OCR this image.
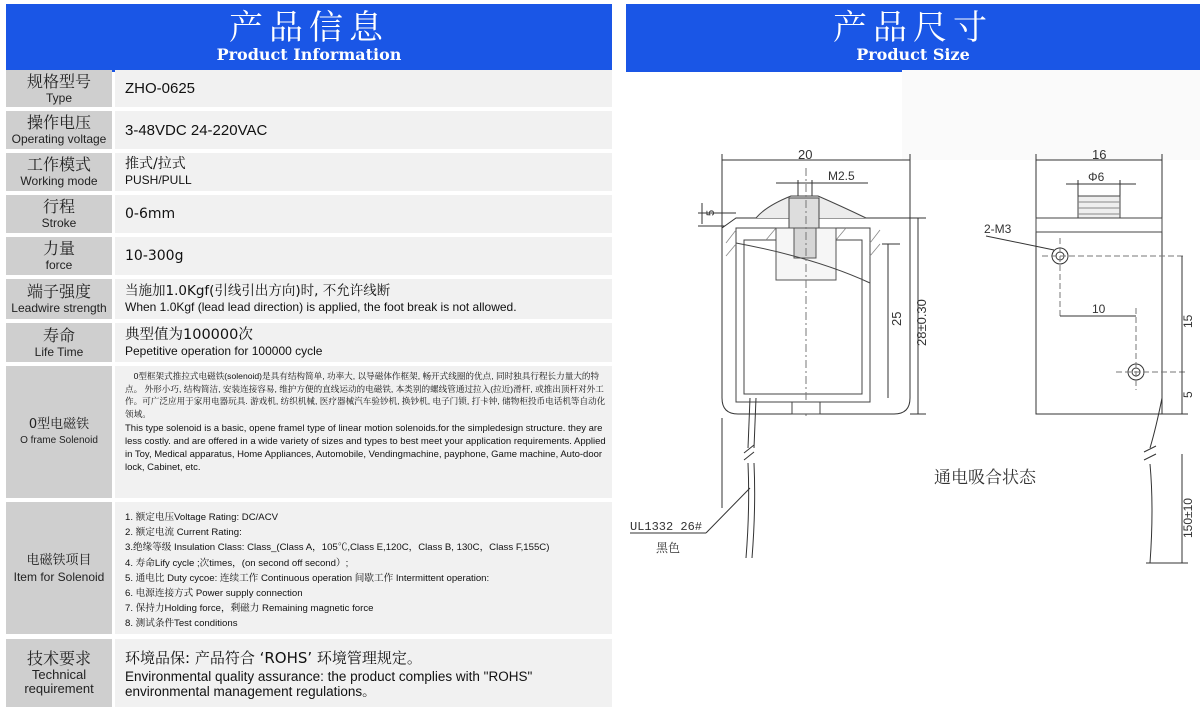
产品信息
Product Information
规格型号
Type
ZHO-0625
操作电压
Operating voltage
3-48VDC 24-220VAC
工作模式
Working mode
推式/拉式
PUSH/PULL
行程
Stroke
0-6mm
力量
force
10-300g
端子强度
Leadwire strength
当施加1.0Kgf(引线引出方向)时, 不允许线断
When 1.0Kgf (lead lead direction) is applied, the foot break is not allowed.
寿命
Life Time
典型值为100000次
Pepetitive operation for 100000 cycle
0型电磁铁
O frame Solenoid

0型框架式推拉式电磁铁(solenoid)是具有结构简单, 功率大, 以导磁体作框架, 畅开式线圈的优点, 同时独具行程长力量大的特点。 外形小巧, 结构简洁, 安装连接容易, 维护方便的直线运动的电磁铁, 本类别的螺线管通过拉入(拉近)滑杆, 或推出顶杆对外工作。可广泛应用于家用电器玩具. 游戏机, 纺织机械, 医疗器械汽车验钞机, 换钞机, 电子门锁, 打卡钟, 储物柜投币电话机等自动化领域。

This type solenoid is a basic, opene framel type of linear motion solenoids.for the simpledesign structure. they are less costly. and are offered in a wide variety of sizes and types to best meet your application requirements. Applied in Toy, Medical apparatus, Home Appliances, Automobile, Vendingmachine, payphone, Game machine, Auto-door lock, Cabinet, etc.

电磁铁项目
Item for Solenoid
1. 额定电压Voltage Rating: DC/ACV
2. 额定电流 Current Rating:
3.绝缘等级 Insulation Class: Class_(Class A，105℃,Class E,120C，Class B, 130C，Class F,155C)
4. 寿命Lify cycle ;次times，(on second off second）;
5. 通电比 Duty cycoe: 连续工作 Continuous operation 间歇工作 Intermittent operation:
6. 电源连接方式 Power supply connection
7. 保持力Holding force，剩磁力 Remaining magnetic force
8. 测试条件Test conditions
技术要求
Technical requirement
环境品保: 产品符合 ‘ROHS’ 环境管理规定。
Environmental quality assurance: the product complies with "ROHS" environmental management regulations。
产品尺寸
Product Size
20
M2.5
5
25 28±0.30
UL1332 26#
黑色
16
Φ6
2-M3
10
15
5
150±10
通电吸合状态
